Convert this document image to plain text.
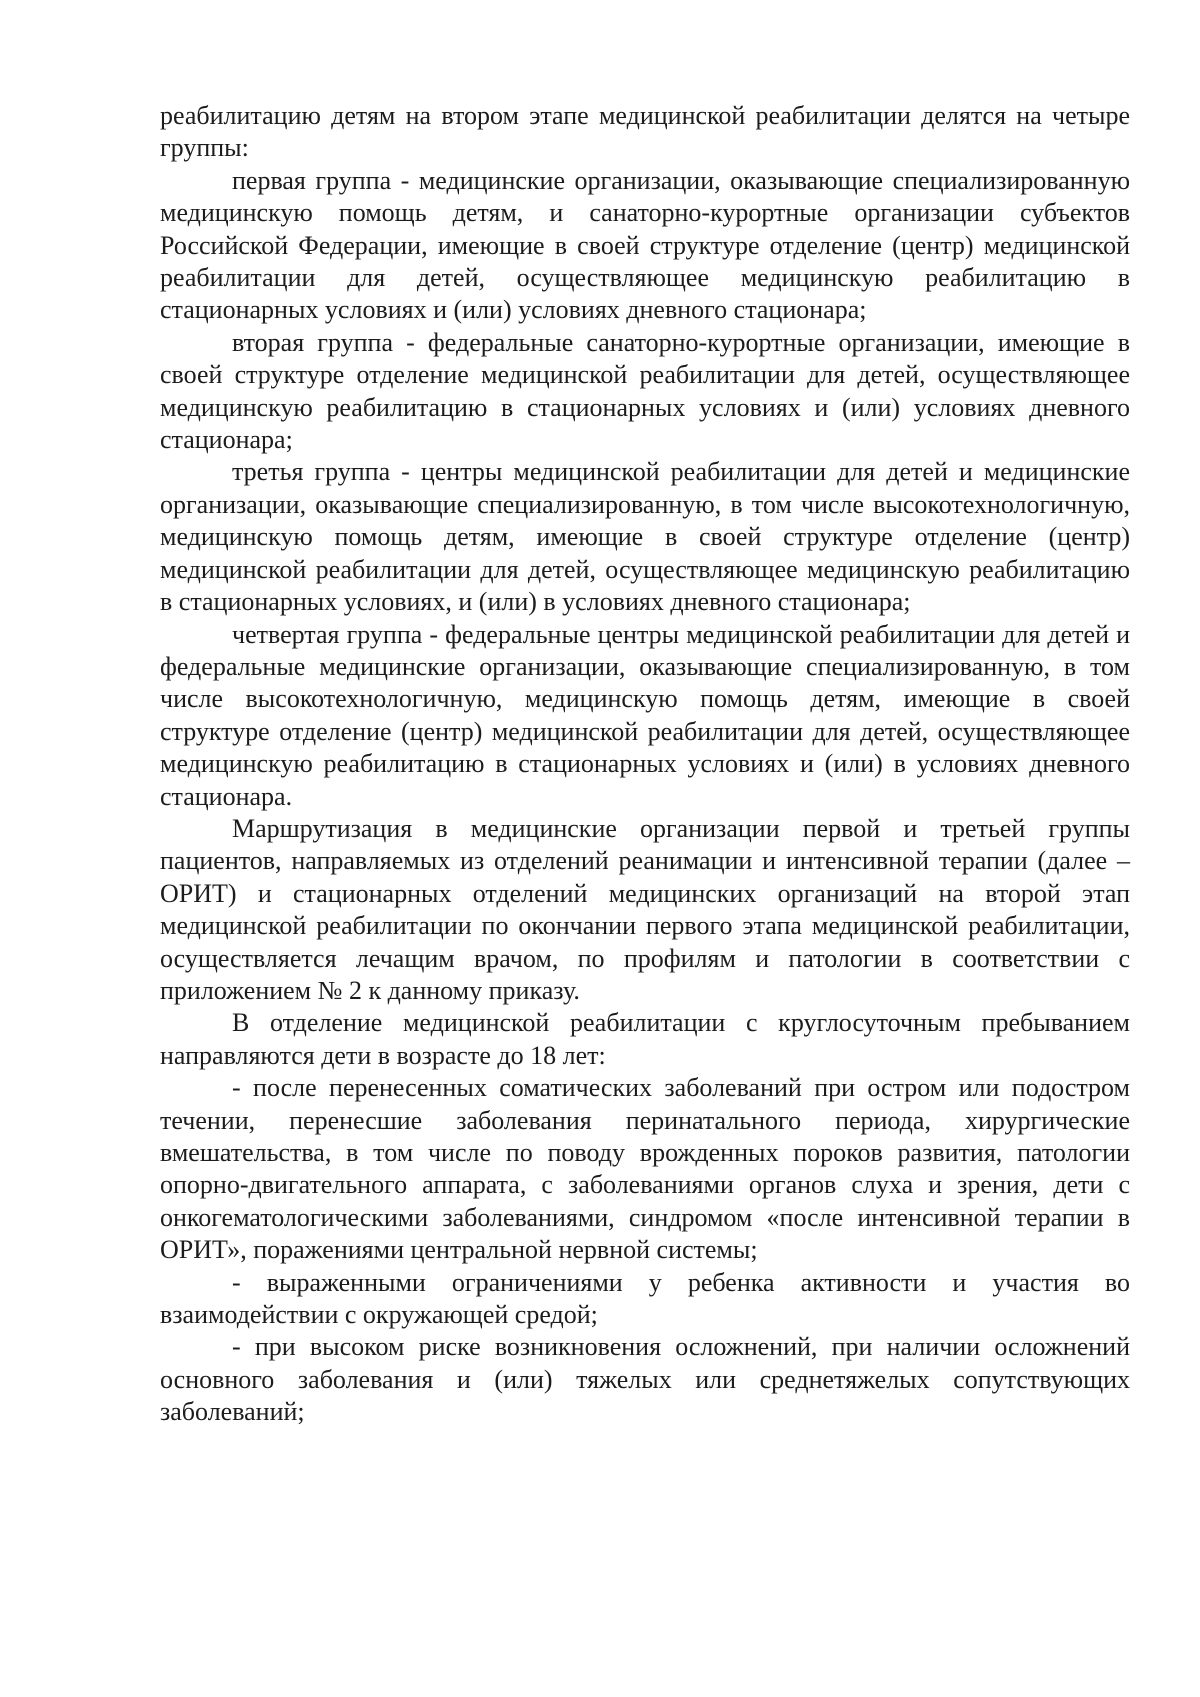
реабилитацию детям на втором этапе медицинской реабилитации делятся на четыре группы:

первая группа - медицинские организации, оказывающие специализированную медицинскую помощь детям, и санаторно-курортные организации субъектов Российской Федерации, имеющие в своей структуре отделение (центр) медицинской реабилитации для детей, осуществляющее медицинскую реабилитацию в стационарных условиях и (или) условиях дневного стационара;

вторая группа - федеральные санаторно-курортные организации, имеющие в своей структуре отделение медицинской реабилитации для детей, осуществляющее медицинскую реабилитацию в стационарных условиях и (или) условиях дневного стационара;

третья группа - центры медицинской реабилитации для детей и медицинские организации, оказывающие специализированную, в том числе высокотехнологичную, медицинскую помощь детям, имеющие в своей структуре отделение (центр) медицинской реабилитации для детей, осуществляющее медицинскую реабилитацию в стационарных условиях, и (или) в условиях дневного стационара;

четвертая группа - федеральные центры медицинской реабилитации для детей и федеральные медицинские организации, оказывающие специализированную, в том числе высокотехнологичную, медицинскую помощь детям, имеющие в своей структуре отделение (центр) медицинской реабилитации для детей, осуществляющее медицинскую реабилитацию в стационарных условиях и (или) в условиях дневного стационара.

Маршрутизация в медицинские организации первой и третьей группы пациентов, направляемых из отделений реанимации и интенсивной терапии (далее – ОРИТ) и стационарных отделений медицинских организаций на второй этап медицинской реабилитации по окончании первого этапа медицинской реабилитации, осуществляется лечащим врачом, по профилям и патологии в соответствии с приложением № 2 к данному приказу.

В отделение медицинской реабилитации с круглосуточным пребыванием направляются дети в возрасте до 18 лет:

- после перенесенных соматических заболеваний при остром или подостром течении, перенесшие заболевания перинатального периода, хирургические вмешательства, в том числе по поводу врожденных пороков развития, патологии опорно-двигательного аппарата, с заболеваниями органов слуха и зрения, дети с онкогематологическими заболеваниями, синдромом «после интенсивной терапии в ОРИТ», поражениями центральной нервной системы;

- выраженными ограничениями у ребенка активности и участия во взаимодействии с окружающей средой;

- при высоком риске возникновения осложнений, при наличии осложнений основного заболевания и (или) тяжелых или среднетяжелых сопутствующих заболеваний;
